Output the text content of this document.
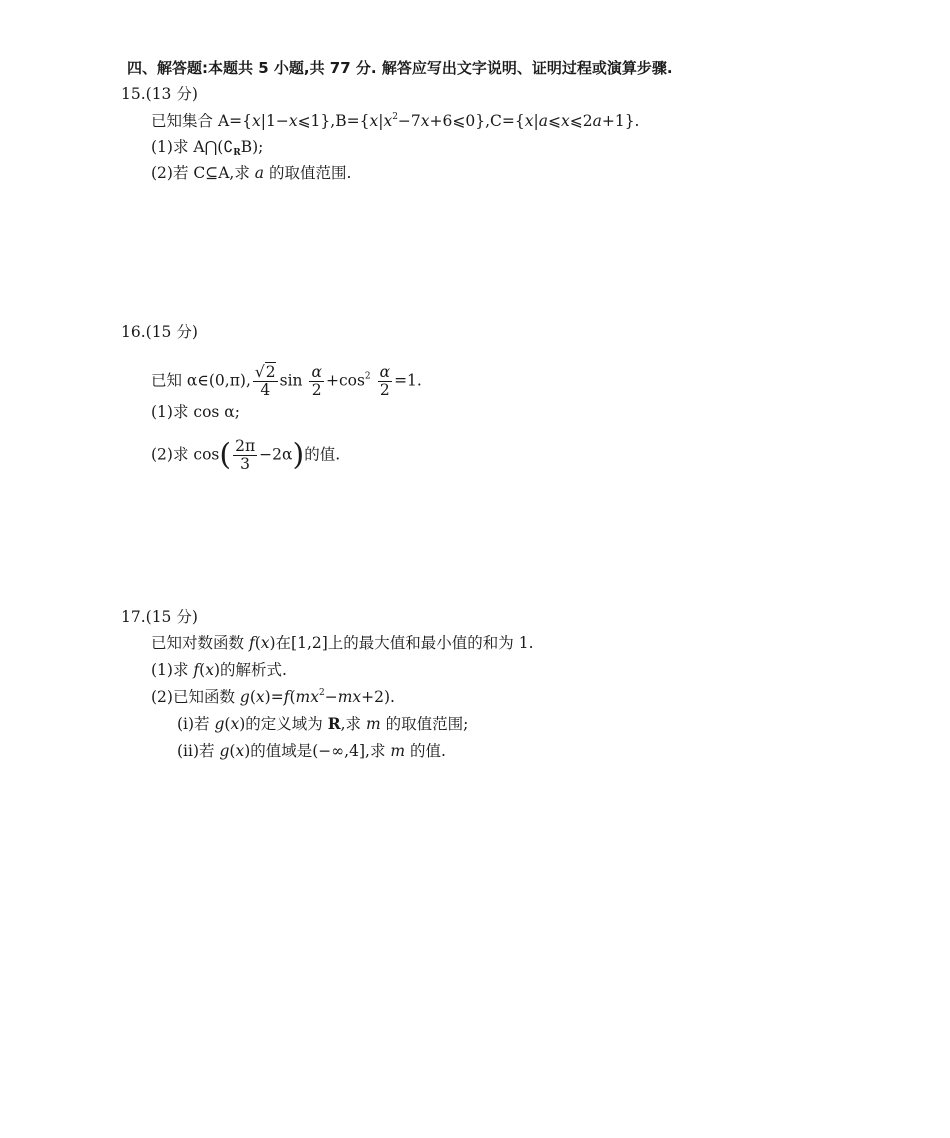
四、解答题:本题共 5 小题,共 77 分. 解答应写出文字说明、证明过程或演算步骤.
15.(13 分)
已知集合 $A=\{x|1-x⩽1\},B=\{x|x^2-7x+6⩽0\},C=\{x|a⩽x⩽2a+1\}$.
(1)求 $A⋂(∁_RB)$;
(2)若 C⊆A,求 a 的取值范围.
16.(15 分)
已知 α∈(0,π), $\frac{√2}{4}$ $\sin \frac{\alpha}{2} +\cos^2 \frac{\alpha}{2} =1$.
(1)求 cos α;
(2)求 $\cos( \frac{2\pi}{3} -2\alpha)$的值.
17.(15 分)
已知对数函数 f(x)在[1,2]上的最大值和最小值的和为 1.
(1)求 f(x)的解析式.
(2)已知函数 $g(x)=f(mx^2-mx+2)$.
(ⅰ)若 g(x)的定义域为 R,求 m 的取值范围;
(ⅱ)若 g(x)的值域是(−∞,4],求 m 的值.
